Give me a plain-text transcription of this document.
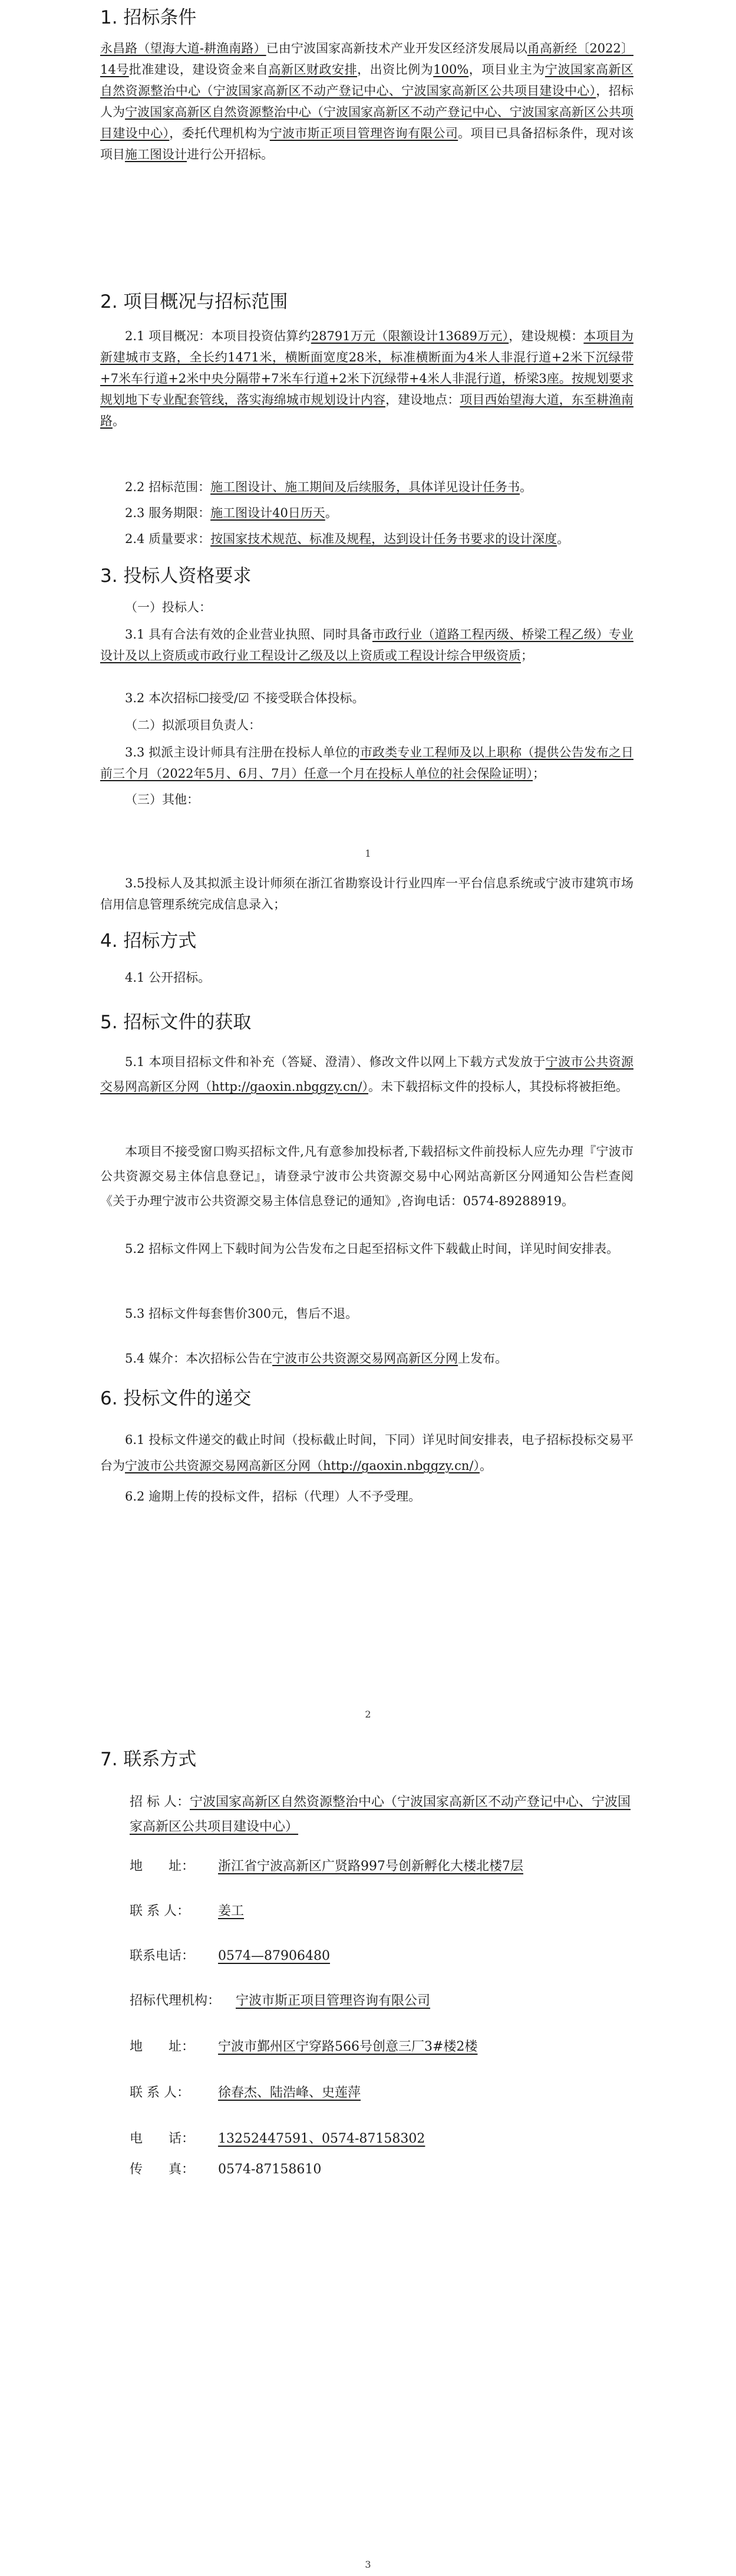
1. 招标条件

永昌路（望海大道-耕渔南路）已由宁波国家高新技术产业开发区经济发展局以甬高新经〔2022〕14号批准建设，建设资金来自高新区财政安排，出资比例为100%，项目业主为宁波国家高新区自然资源整治中心（宁波国家高新区不动产登记中心、宁波国家高新区公共项目建设中心），招标人为宁波国家高新区自然资源整治中心（宁波国家高新区不动产登记中心、宁波国家高新区公共项目建设中心），委托代理机构为宁波市斯正项目管理咨询有限公司。项目已具备招标条件，现对该项目施工图设计进行公开招标。

2. 项目概况与招标范围

2.1 项目概况：本项目投资估算约28791万元（限额设计13689万元），建设规模：本项目为新建城市支路，全长约1471米，横断面宽度28米，标准横断面为4米人非混行道+2米下沉绿带+7米车行道+2米中央分隔带+7米车行道+2米下沉绿带+4米人非混行道，桥梁3座。按规划要求规划地下专业配套管线，落实海绵城市规划设计内容，建设地点：项目西始望海大道，东至耕渔南路。

2.2 招标范围：施工图设计、施工期间及后续服务，具体详见设计任务书。

2.3 服务期限：施工图设计40日历天。

2.4 质量要求：按国家技术规范、标准及规程，达到设计任务书要求的设计深度。

3. 投标人资格要求

（一）投标人：

3.1 具有合法有效的企业营业执照、同时具备市政行业（道路工程丙级、桥梁工程乙级）专业设计及以上资质或市政行业工程设计乙级及以上资质或工程设计综合甲级资质；

3.2 本次招标☐接受/☑ 不接受联合体投标。

（二）拟派项目负责人：

3.3 拟派主设计师具有注册在投标人单位的市政类专业工程师及以上职称（提供公告发布之日前三个月（2022年5月、6月、7月）任意一个月在投标人单位的社会保险证明）；

（三）其他：

1

3.5投标人及其拟派主设计师须在浙江省勘察设计行业四库一平台信息系统或宁波市建筑市场信用信息管理系统完成信息录入；

4. 招标方式

4.1 公开招标。

5. 招标文件的获取

5.1 本项目招标文件和补充（答疑、澄清）、修改文件以网上下载方式发放于宁波市公共资源交易网高新区分网（http://gaoxin.nbggzy.cn/）。未下载招标文件的投标人，其投标将被拒绝。

本项目不接受窗口购买招标文件,凡有意参加投标者,下载招标文件前投标人应先办理『宁波市公共资源交易主体信息登记』，请登录宁波市公共资源交易中心网站高新区分网通知公告栏查阅《关于办理宁波市公共资源交易主体信息登记的通知》,咨询电话：0574-89288919。

5.2 招标文件网上下载时间为公告发布之日起至招标文件下载截止时间，详见时间安排表。

5.3 招标文件每套售价300元，售后不退。

5.4 媒介：本次招标公告在宁波市公共资源交易网高新区分网上发布。

6. 投标文件的递交

6.1 投标文件递交的截止时间（投标截止时间，下同）详见时间安排表，电子招标投标交易平台为宁波市公共资源交易网高新区分网（http://gaoxin.nbggzy.cn/）。

6.2 逾期上传的投标文件，招标（代理）人不予受理。

2
7. 联系方式
招 标 人：宁波国家高新区自然资源整治中心（宁波国家高新区不动产登记中心、宁波国家高新区公共项目建设中心）
地　　址： 浙江省宁波高新区广贤路997号创新孵化大楼北楼7层
联 系 人： 姜工
联系电话： 0574—87906480
招标代理机构： 宁波市斯正项目管理咨询有限公司
地　　址： 宁波市鄞州区宁穿路566号创意三厂3#楼2楼
联 系 人： 徐春杰、陆浩峰、史莲萍
电　　话： 13252447591、0574-87158302
传　　真： 0574-87158610
3
